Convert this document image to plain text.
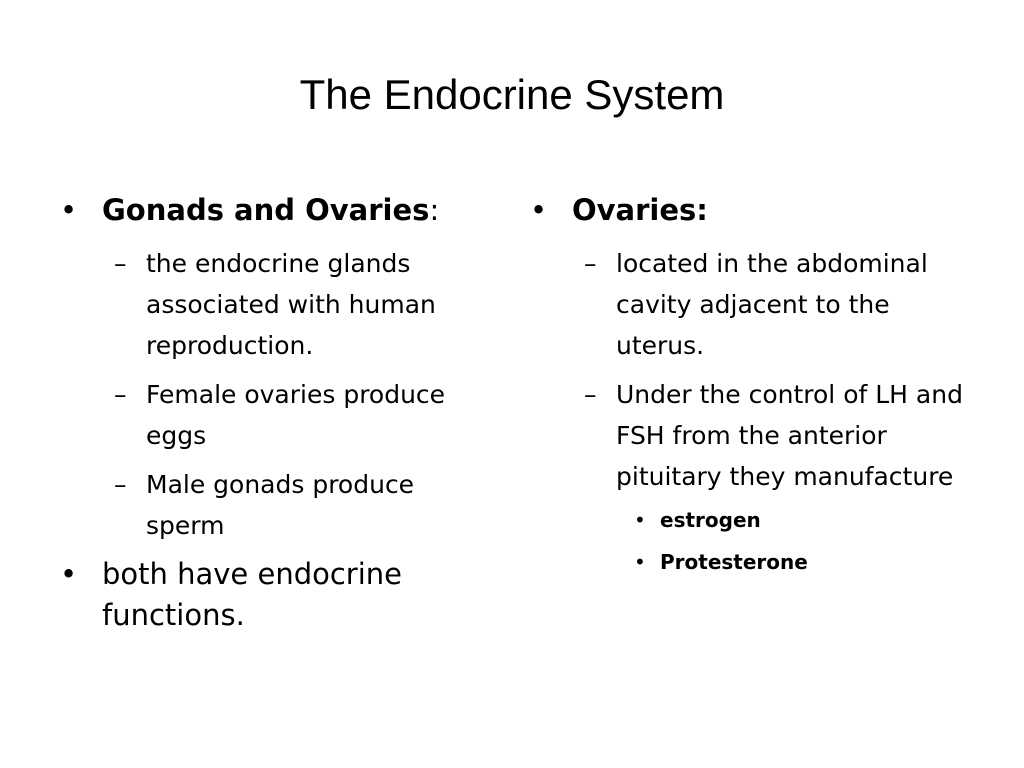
The Endocrine System
• Gonads and Ovaries:
– the endocrine glands associated with human reproduction.
– Female ovaries produce eggs
– Male gonads produce sperm
• both have endocrine functions.
• Ovaries:
– located in the abdominal cavity adjacent to the uterus.
– Under the control of LH and FSH from the anterior pituitary they manufacture
• estrogen
• Protesterone
